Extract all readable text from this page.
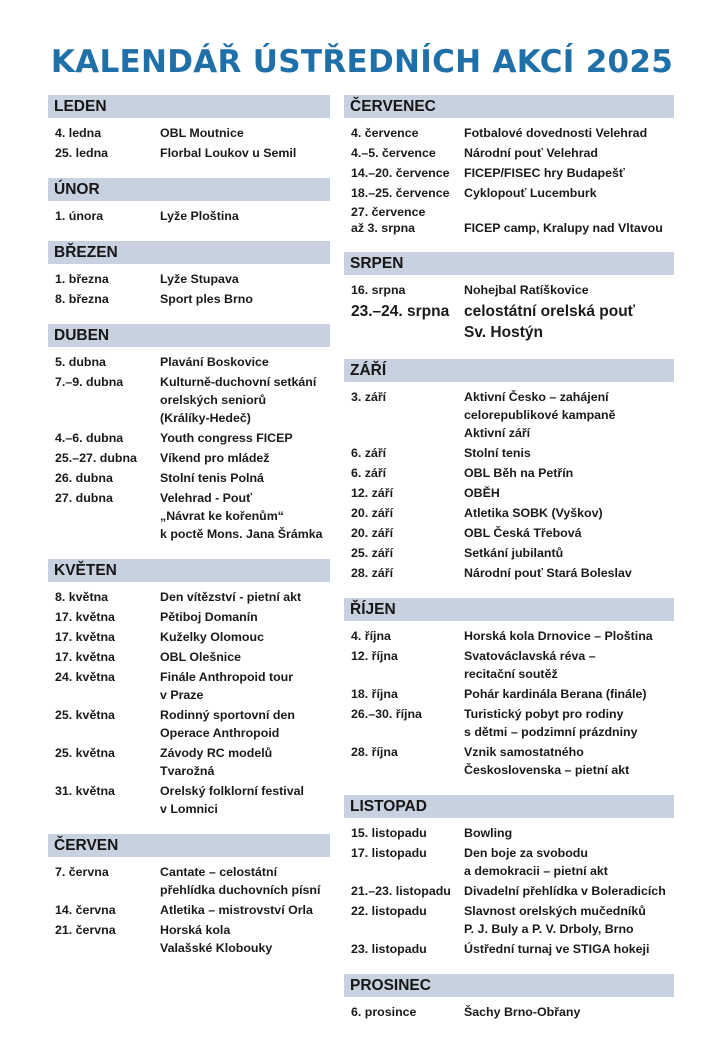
KALENDÁŘ ÚSTŘEDNÍCH AKCÍ 2025
LEDEN
4. ledna	OBL Moutnice
25. ledna	Florbal Loukov u Semil
ÚNOR
1. února	Lyže Ploština
BŘEZEN
1. března	Lyže Stupava
8. března	Sport ples Brno
DUBEN
5. dubna	Plavání Boskovice
7.–9. dubna	Kulturně-duchovní setkání
orelských seniorů
(Králíky-Hedeč)
4.–6. dubna	Youth congress FICEP
25.–27. dubna	Víkend pro mládež
26. dubna	Stolní tenis Polná
27. dubna	Velehrad - Pouť
„Návrat ke kořenům“
k poctě Mons. Jana Šrámka
KVĚTEN
8. května	Den vítězství - pietní akt
17. května	Pětiboj Domanín
17. května	Kuželky Olomouc
17. května	OBL Olešnice
24. května	Finále Anthropoid tour
v Praze
25. května	Rodinný sportovní den
Operace Anthropoid
25. května	Závody RC modelů
Tvarožná
31. května	Orelský folklorní festival
v Lomnici
ČERVEN
7. června	Cantate – celostátní
přehlídka duchovních písní
14. června	Atletika – mistrovství Orla
21. června	Horská kola
Valašské Klobouky
ČERVENEC
4. července	Fotbalové dovednosti Velehrad
4.–5. července	Národní pouť Velehrad
14.–20. července	FICEP/FISEC hry Budapešť
18.–25. července	Cyklopouť Lucemburk
27. července
až 3. srpna	FICEP camp, Kralupy nad Vltavou
SRPEN
16. srpna	Nohejbal Ratíškovice
23.–24. srpna celostátní orelská pouť
Sv. Hostýn
ZÁŘÍ
3. září	Aktivní Česko – zahájení
celorepublikové kampaně
Aktivní září
6. září	Stolní tenis
6. září	OBL Běh na Petřín
12. září	OBĚH
20. září	Atletika SOBK (Vyškov)
20. září	OBL Česká Třebová
25. září	Setkání jubilantů
28. září	Národní pouť Stará Boleslav
ŘÍJEN
4. října	Horská kola Drnovice – Ploština
12. října	Svatováclavská réva –
recitační soutěž
18. října	Pohár kardinála Berana (finále)
26.–30. října	Turistický pobyt pro rodiny
s dětmi – podzimní prázdniny
28. října	Vznik samostatného
Československa – pietní akt
LISTOPAD
15. listopadu	Bowling
17. listopadu	Den boje za svobodu
a demokracii – pietní akt
21.–23. listopadu	Divadelní přehlídka v Boleradicích
22. listopadu	Slavnost orelských mučedníků
P. J. Buly a P. V. Drboly, Brno
23. listopadu	Ústřední turnaj ve STIGA hokeji
PROSINEC
6. prosince	Šachy Brno-Obřany
